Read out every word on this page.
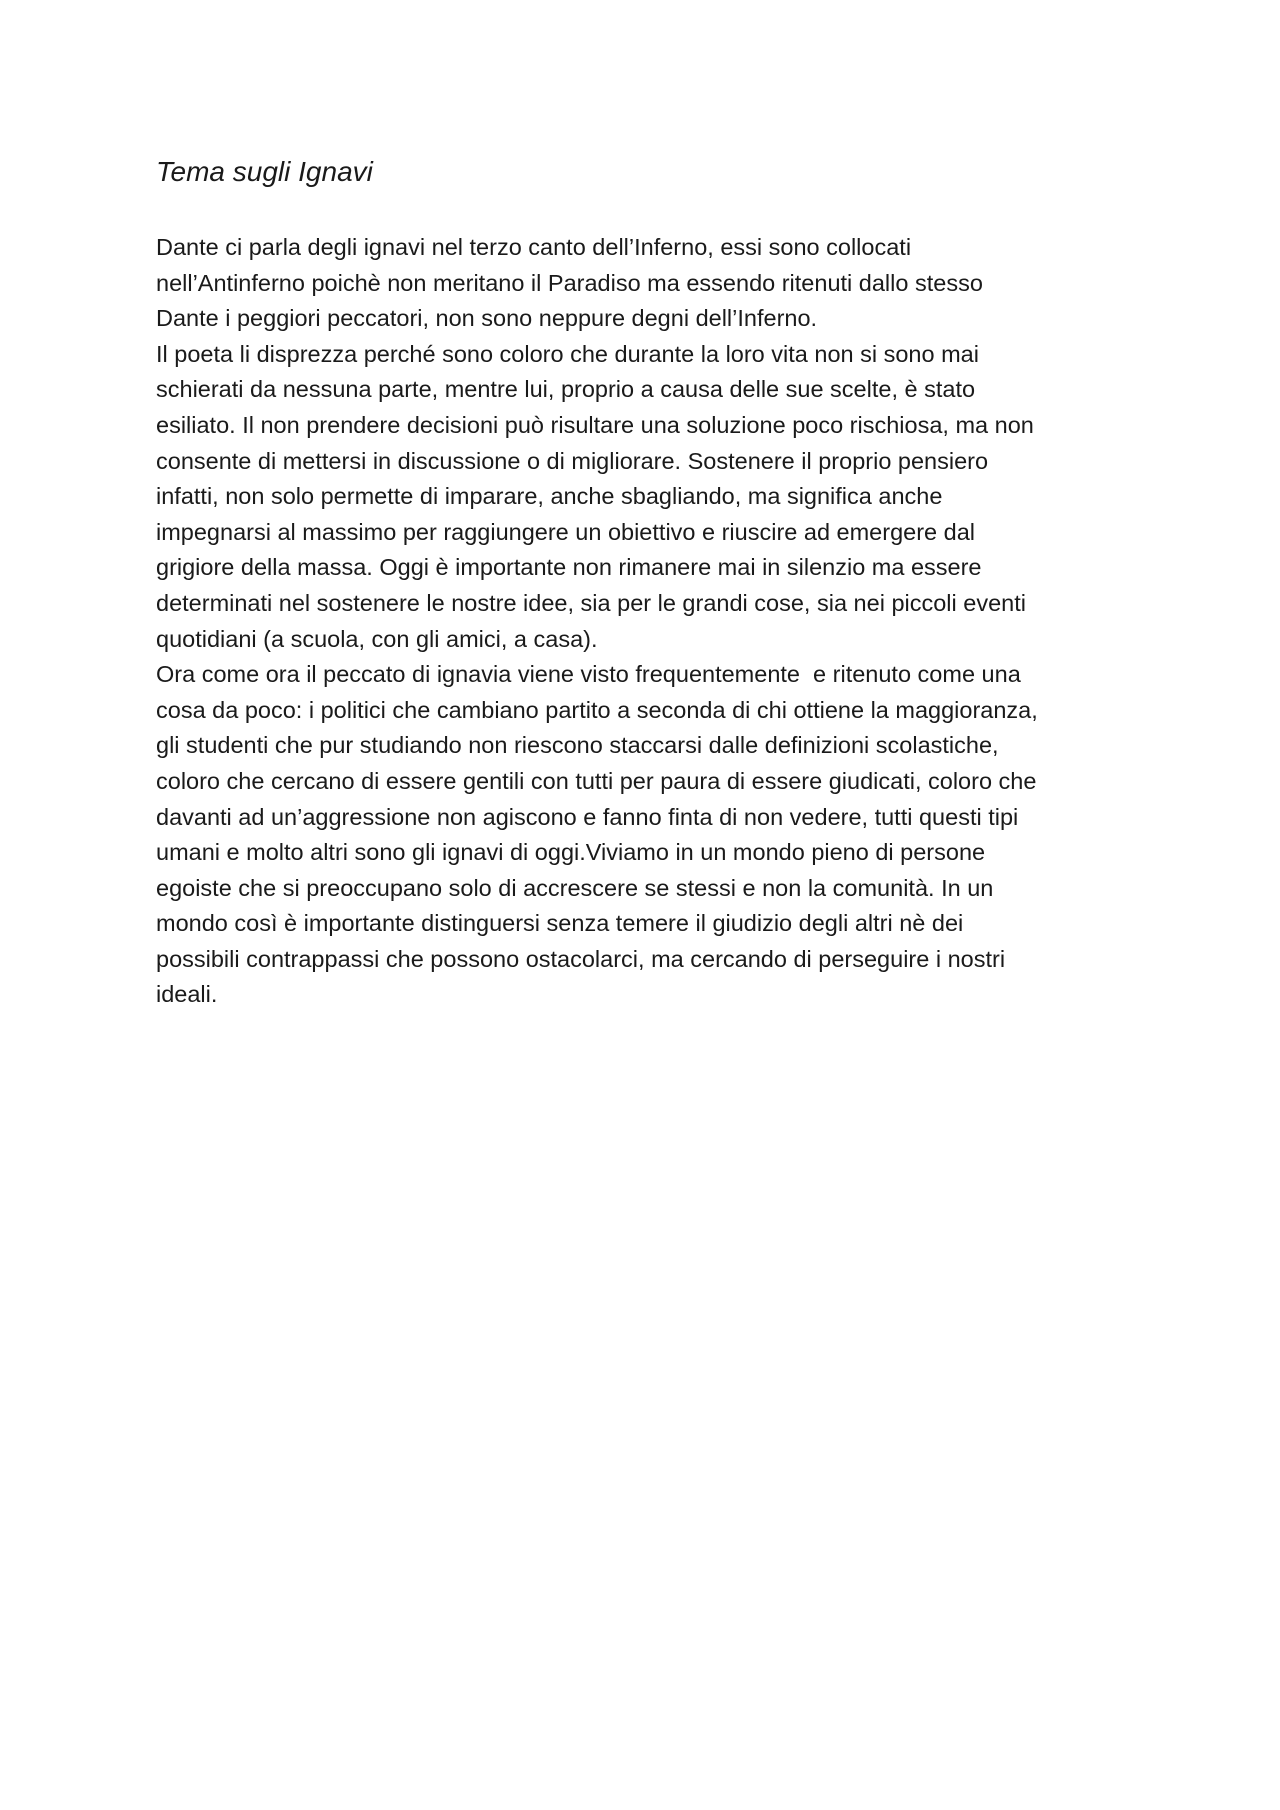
Tema sugli Ignavi
Dante ci parla degli ignavi nel terzo canto dell’Inferno, essi sono collocati
nell’Antinferno poichè non meritano il Paradiso ma essendo ritenuti dallo stesso
Dante i peggiori peccatori, non sono neppure degni dell’Inferno.
Il poeta li disprezza perché sono coloro che durante la loro vita non si sono mai
schierati da nessuna parte, mentre lui, proprio a causa delle sue scelte, è stato
esiliato. Il non prendere decisioni può risultare una soluzione poco rischiosa, ma non
consente di mettersi in discussione o di migliorare. Sostenere il proprio pensiero
infatti, non solo permette di imparare, anche sbagliando, ma significa anche
impegnarsi al massimo per raggiungere un obiettivo e riuscire ad emergere dal
grigiore della massa. Oggi è importante non rimanere mai in silenzio ma essere
determinati nel sostenere le nostre idee, sia per le grandi cose, sia nei piccoli eventi
quotidiani (a scuola, con gli amici, a casa).
Ora come ora il peccato di ignavia viene visto frequentemente  e ritenuto come una
cosa da poco: i politici che cambiano partito a seconda di chi ottiene la maggioranza,
gli studenti che pur studiando non riescono staccarsi dalle definizioni scolastiche,
coloro che cercano di essere gentili con tutti per paura di essere giudicati, coloro che
davanti ad un’aggressione non agiscono e fanno finta di non vedere, tutti questi tipi
umani e molto altri sono gli ignavi di oggi.Viviamo in un mondo pieno di persone
egoiste che si preoccupano solo di accrescere se stessi e non la comunità. In un
mondo così è importante distinguersi senza temere il giudizio degli altri nè dei
possibili contrappassi che possono ostacolarci, ma cercando di perseguire i nostri
ideali.
